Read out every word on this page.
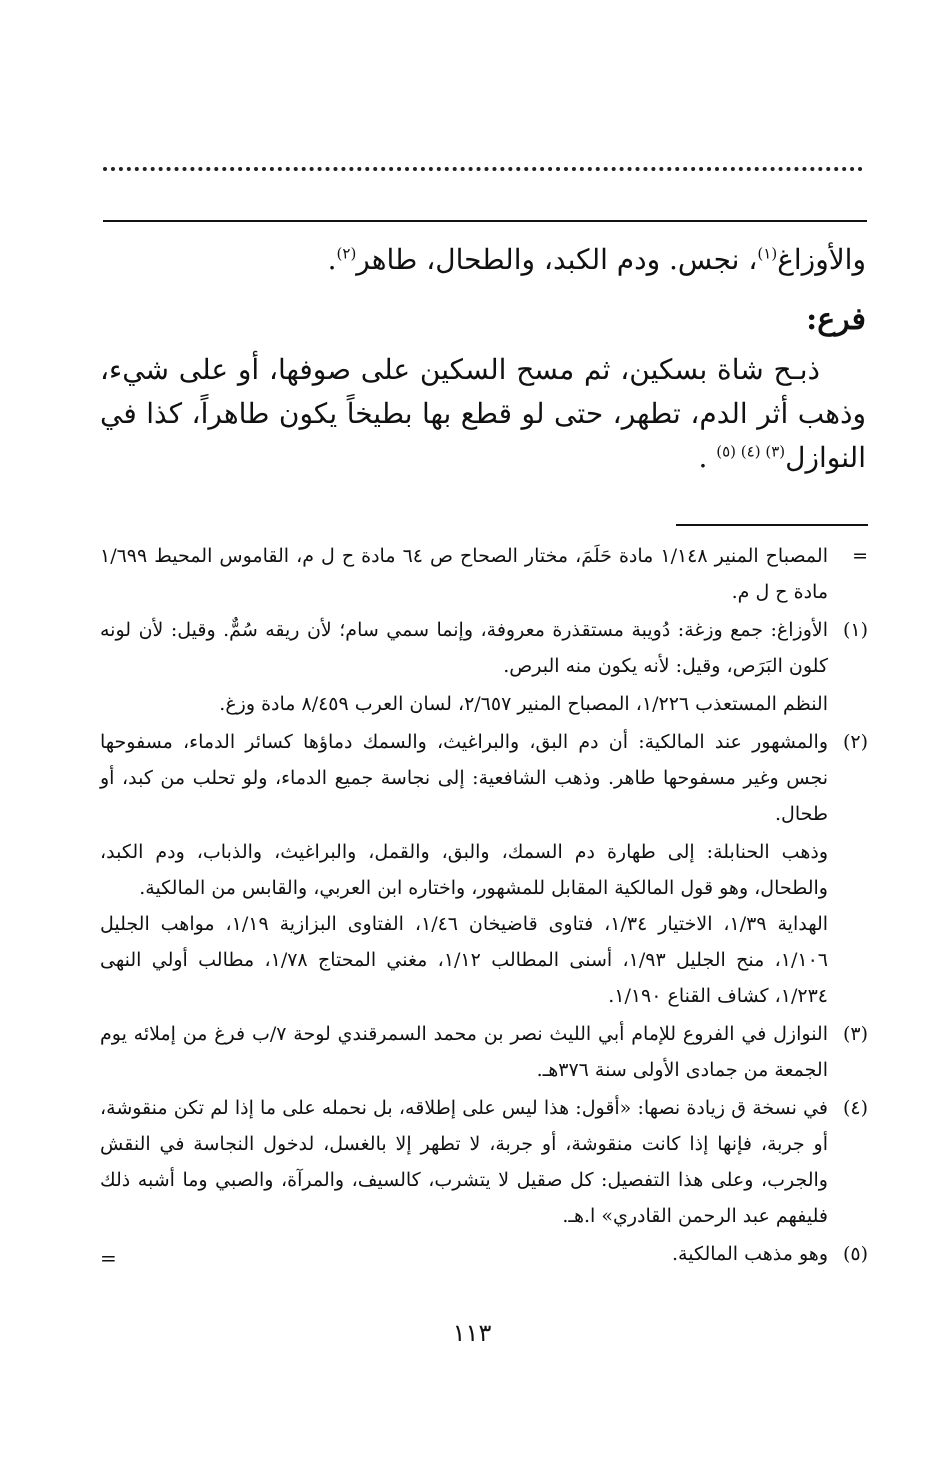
والأوزاغ$^{(١)}$، نجس. ودم الكبد، والطحال، طاهر$^{(٢)}$.

فرع:

ذبـح شاة بسكين، ثم مسح السكين على صوفها، أو على شيء، وذهب أثر الدم، تطهر، حتى لو قطع بها بطيخاً يكون طاهراً، كذا في النوازل$^{(٣) (٤) (٥)}$ .

=

المصباح المنير ١/١٤٨ مادة حَلَمَ، مختار الصحاح ص ٦٤ مادة ح ل م، القاموس المحيط ١/٦٩٩ مادة ح ل م.

(١)

الأوزاغ: جمع وزغة: دُويبة مستقذرة معروفة، وإنما سمي سام؛ لأن ريقه سُمٌّ. وقيل: لأن لونه كلون البَرَص، وقيل: لأنه يكون منه البرص.

النظم المستعذب ١/٢٢٦، المصباح المنير ٢/٦٥٧، لسان العرب ٨/٤٥٩ مادة وزغ.

(٢)

والمشهور عند المالكية: أن دم البق، والبراغيث، والسمك دماؤها كسائر الدماء، مسفوحها نجس وغير مسفوحها طاهر. وذهب الشافعية: إلى نجاسة جميع الدماء، ولو تحلب من كبد، أو طحال.

وذهب الحنابلة: إلى طهارة دم السمك، والبق، والقمل، والبراغيث، والذباب، ودم الكبد، والطحال، وهو قول المالكية المقابل للمشهور، واختاره ابن العربي، والقابس من المالكية.

الهداية ١/٣٩، الاختيار ١/٣٤، فتاوى قاضيخان ١/٤٦، الفتاوى البزازية ١/١٩، مواهب الجليل ١/١٠٦، منح الجليل ١/٩٣، أسنى المطالب ١/١٢، مغني المحتاج ١/٧٨، مطالب أولي النهى ١/٢٣٤، كشاف القناع ١/١٩٠.

(٣)

النوازل في الفروع للإمام أبي الليث نصر بن محمد السمرقندي لوحة ٧/ب فرغ من إملائه يوم الجمعة من جمادى الأولى سنة ٣٧٦هـ.

(٤)

في نسخة ق زيادة نصها: «أقول: هذا ليس على إطلاقه، بل نحمله على ما إذا لم تكن منقوشة، أو جربة، فإنها إذا كانت منقوشة، أو جربة، لا تطهر إلا بالغسل، لدخول النجاسة في النقش والجرب، وعلى هذا التفصيل: كل صقيل لا يتشرب، كالسيف، والمرآة، والصبي وما أشبه ذلك فليفهم عبد الرحمن القادري» ا.هـ.

(٥)

وهو مذهب المالكية.

=
١١٣
